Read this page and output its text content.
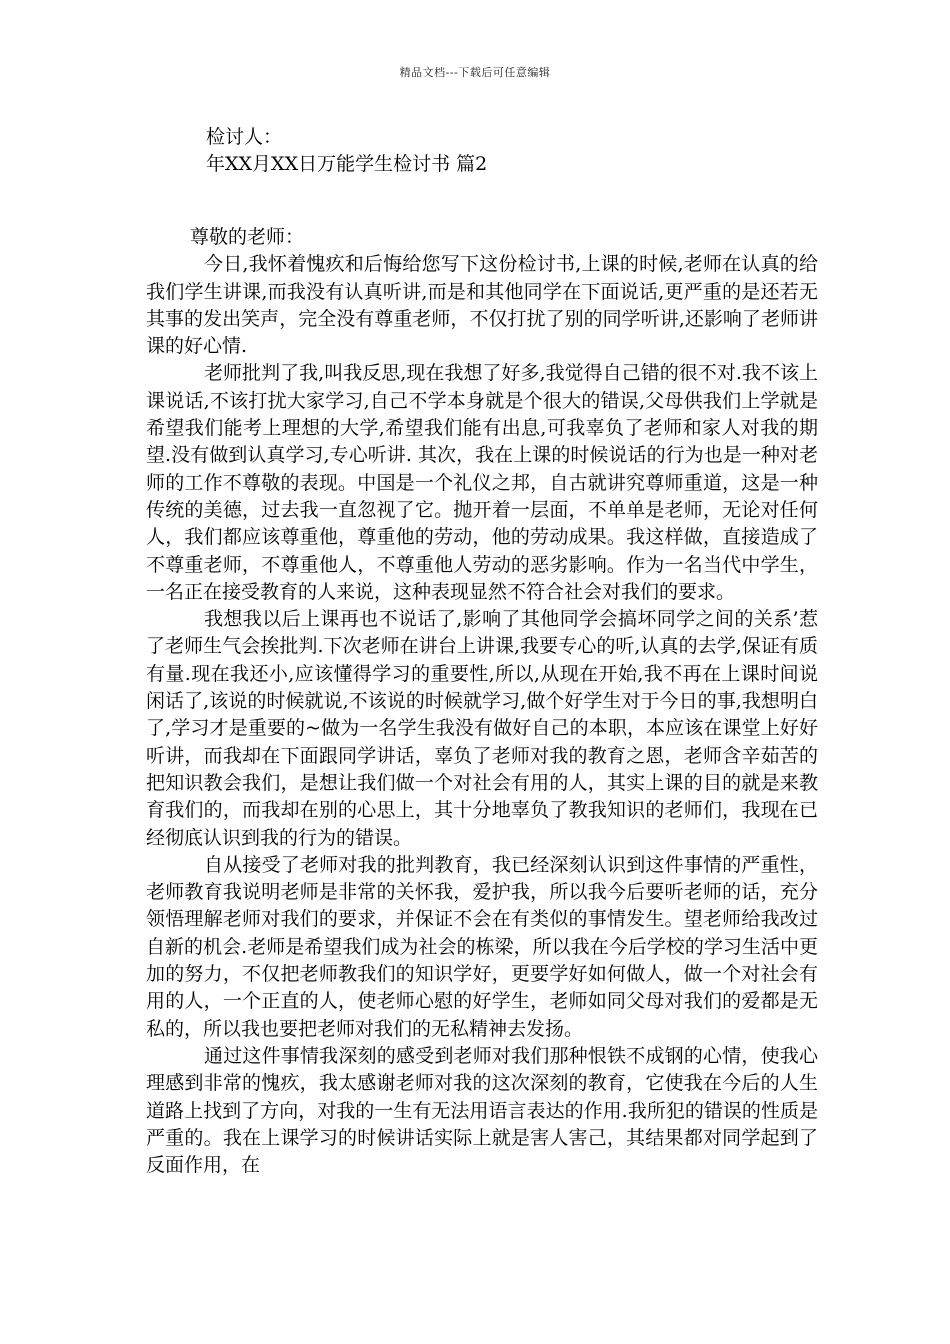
精品文档---下载后可任意编辑
检讨人：
年XX月XX日万能学生检讨书 篇2

尊敬的老师：

今日,我怀着愧疚和后悔给您写下这份检讨书,上课的时候,老师在认真的给我们学生讲课,而我没有认真听讲,而是和其他同学在下面说话,更严重的是还若无其事的发出笑声，完全没有尊重老师，不仅打扰了别的同学听讲,还影响了老师讲课的好心情.

老师批判了我,叫我反思,现在我想了好多,我觉得自己错的很不对.我不该上课说话,不该打扰大家学习,自己不学本身就是个很大的错误,父母供我们上学就是希望我们能考上理想的大学,希望我们能有出息,可我辜负了老师和家人对我的期望.没有做到认真学习,专心听讲. 其次，我在上课的时候说话的行为也是一种对老师的工作不尊敬的表现。中国是一个礼仪之邦，自古就讲究尊师重道，这是一种传统的美德，过去我一直忽视了它。抛开着一层面，不单单是老师，无论对任何人，我们都应该尊重他，尊重他的劳动，他的劳动成果。我这样做，直接造成了不尊重老师，不尊重他人，不尊重他人劳动的恶劣影响。作为一名当代中学生，一名正在接受教育的人来说，这种表现显然不符合社会对我们的要求。

我想我以后上课再也不说话了,影响了其他同学会搞坏同学之间的关系’惹了老师生气会挨批判.下次老师在讲台上讲课,我要专心的听,认真的去学,保证有质有量.现在我还小,应该懂得学习的重要性,所以,从现在开始,我不再在上课时间说闲话了,该说的时候就说,不该说的时候就学习,做个好学生对于今日的事,我想明白了,学习才是重要的~做为一名学生我没有做好自己的本职，本应该在课堂上好好听讲，而我却在下面跟同学讲话，辜负了老师对我的教育之恩，老师含辛茹苦的把知识教会我们，是想让我们做一个对社会有用的人，其实上课的目的就是来教育我们的，而我却在别的心思上，其十分地辜负了教我知识的老师们，我现在已经彻底认识到我的行为的错误。

自从接受了老师对我的批判教育，我已经深刻认识到这件事情的严重性，老师教育我说明老师是非常的关怀我，爱护我，所以我今后要听老师的话，充分领悟理解老师对我们的要求，并保证不会在有类似的事情发生。望老师给我改过自新的机会.老师是希望我们成为社会的栋梁，所以我在今后学校的学习生活中更加的努力，不仅把老师教我们的知识学好，更要学好如何做人，做一个对社会有用的人，一个正直的人，使老师心慰的好学生，老师如同父母对我们的爱都是无私的，所以我也要把老师对我们的无私精神去发扬。

通过这件事情我深刻的感受到老师对我们那种恨铁不成钢的心情，使我心理感到非常的愧疚，我太感谢老师对我的这次深刻的教育，它使我在今后的人生道路上找到了方向，对我的一生有无法用语言表达的作用.我所犯的错误的性质是严重的。我在上课学习的时候讲话实际上就是害人害己，其结果都对同学起到了反面作用，在
